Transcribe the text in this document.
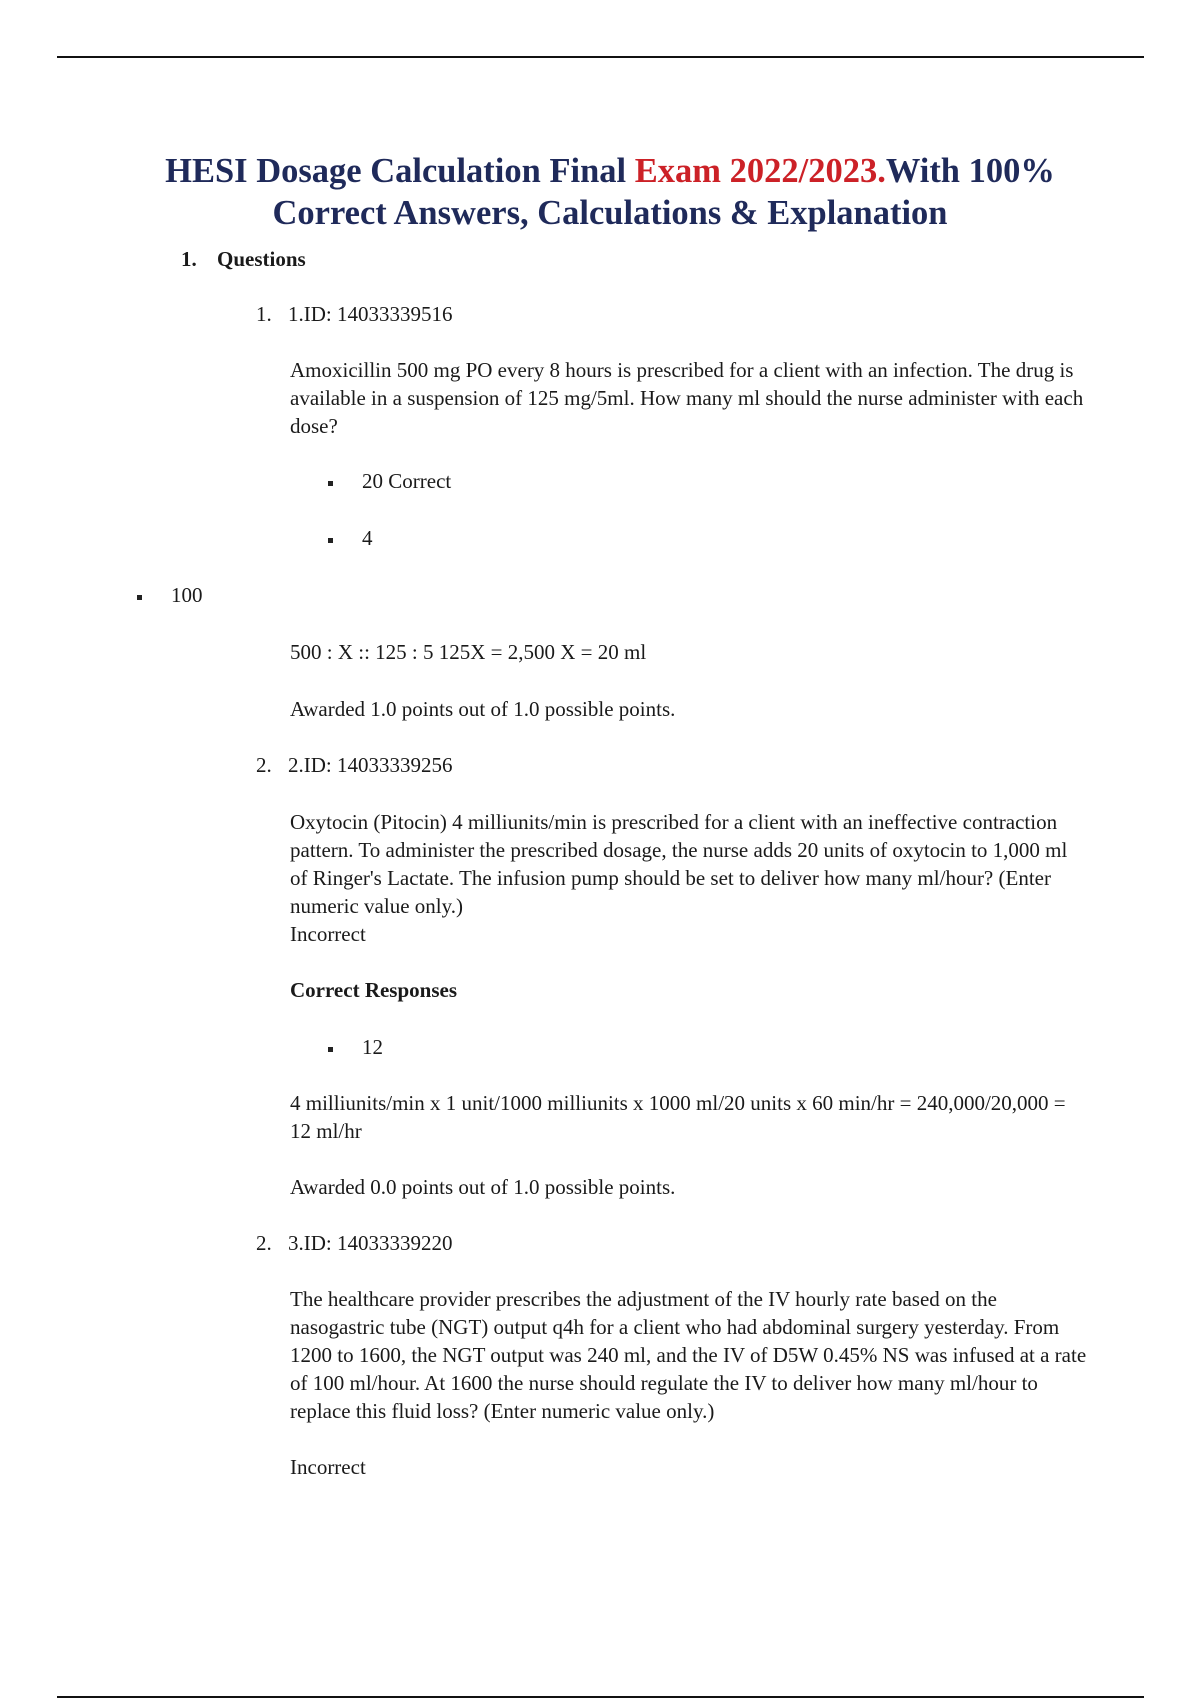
HESI Dosage Calculation Final Exam 2022/2023.With 100%
Correct Answers, Calculations & Explanation
1. Questions
1. 1.ID: 14033339516
Amoxicillin 500 mg PO every 8 hours is prescribed for a client with an infection. The drug is available in a suspension of 125 mg/5ml. How many ml should the nurse administer with each dose?
20 Correct
4
100
500 : X :: 125 : 5 125X = 2,500 X = 20 ml
Awarded 1.0 points out of 1.0 possible points.
2. 2.ID: 14033339256
Oxytocin (Pitocin) 4 milliunits/min is prescribed for a client with an ineffective contraction pattern. To administer the prescribed dosage, the nurse adds 20 units of oxytocin to 1,000 ml of Ringer's Lactate. The infusion pump should be set to deliver how many ml/hour? (Enter numeric value only.)
Incorrect
Correct Responses
12
4 milliunits/min x 1 unit/1000 milliunits x 1000 ml/20 units x 60 min/hr = 240,000/20,000 = 12 ml/hr
Awarded 0.0 points out of 1.0 possible points.
2. 3.ID: 14033339220
The healthcare provider prescribes the adjustment of the IV hourly rate based on the nasogastric tube (NGT) output q4h for a client who had abdominal surgery yesterday. From 1200 to 1600, the NGT output was 240 ml, and the IV of D5W 0.45% NS was infused at a rate of 100 ml/hour. At 1600 the nurse should regulate the IV to deliver how many ml/hour to replace this fluid loss? (Enter numeric value only.)
Incorrect
